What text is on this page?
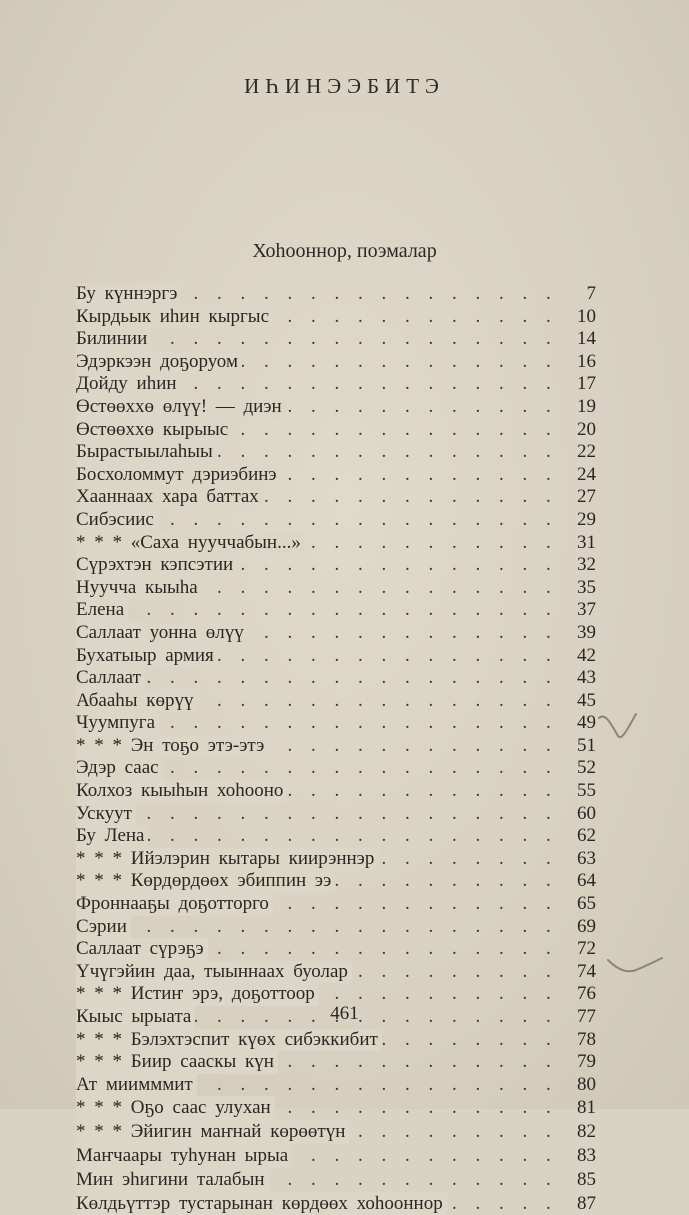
ИҺИНЭЭБИТЭ
Хоһооннор, поэмалар
. . .
Бу күннэргэ	7
. . .
Кырдьык иһин кыргыс	10
. . .
Билинии	14
. . .
Эдэркээн доҕоруом	16
. . .
Дойду иһин	17
. . .
Өстөөххө өлүү! — диэн	19
. . .
Өстөөххө кырыыс	20
. . .
Бырастыылаһыы	22
. . .
Босхоломмут дэриэбинэ	24
. . .
Хааннаах хара баттах	27
. . .
Сибэсиис	29
. . .
* * * «Саха нууччабын...»	31
. . .
Сүрэхтэн кэпсэтии	32
. . .
Нуучча кыыһа	35
. . .
Елена	37
. . .
Саллаат уонна өлүү	39
. . .
Бухатыыр армия	42
. . .
Саллаат	43
. . .
Абааһы көрүү	45
. . .
Чуумпуга	49
. . .
* * * Эн тоҕо этэ-этэ	51
. . .
Эдэр саас	52
. . .
Колхоз кыыһын хоһооно	55
. . .
Ускуут	60
. . .
Бу Лена	62
. . .
* * * Ийэлэрин кытары киирэннэр	63
. . .
* * * Көрдөрдөөх эбиппин ээ	64
. . .
Фроннааҕы доҕотторго	65
. . .
Сэрии	69
. . .
Саллаат сүрэҕэ	72
. . .
Үчүгэйин даа, тыыннаах буолар	74
. . .
* * * Истиҥ эрэ, доҕоттоор	76
. . .
Кыыс ырыата	77
. . .
* * * Бэлэхтэспит күөх сибэккибит	78
. . .
* * * Биир сааскы күн	79
. . .
Ат миимммит	80
. . .
* * * Оҕо саас улухан	81
. . .
* * * Эйигин маҥнай көрөөтүн	82
. . .
Маҥчаары туһунан ырыа	83
. . .
Мин эһигини талабын	85
. . .
Көлдьүттэр тустарынан көрдөөх хоһооннор	87
461
